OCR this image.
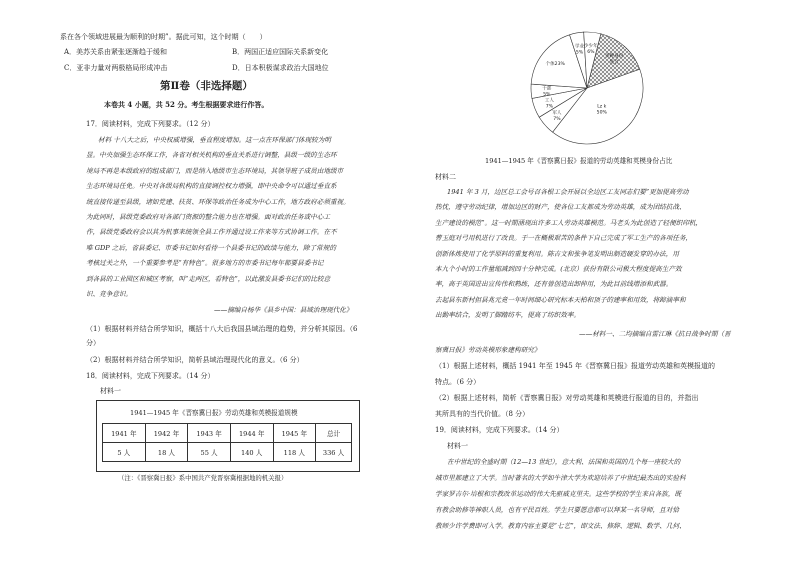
系在各个领域进展最为顺利的时期”。据此可知，这个时期（　　）
A．美苏关系由紧张逐渐趋于缓和	B．两国正适应国际关系新变化
C．亚非力量对两极格局形成冲击	D．日本积极谋求政治大国地位
第Ⅱ卷（非选择题）
本卷共 4 小题，共 52 分。考生根据要求进行作答。
17．阅读材料，完成下列要求。（12 分）
材料 十八大之后，中央权威增强，垂直程度增加。这一点在环保部门体现较为明
显。中央加强生态环保工作，各省对相关机构的垂直关系进行调整，县级一级的生态环
境局不再是本级政府的组成部门，而是纳入地级市生态环境局，其领导班子成员由地级市
生态环境局任免。中央对各级局机构的直接调控权力增强，即中央命令可以通过垂直系
统直接传递至县级，诸如党建、扶贫、环保等政治任务成为中心工作，地方政府必须重视。
为此同时，县级党委政府对各部门资源的整合能力也在增强。面对政治任务或中心工
作，县级党委政府会以其为机事来统领全县工作并通过设工作来等方式协调工作。在不
唯 GDP 之后，省县委记、市委书记如何看待一个县委书记的政绩与能力，除了常规的
考核过关之外，一个重要参考是“有特色”。很多地方的市委书记每年都要县委书记
到各县的工业园区和城区考察，叫“走两区，看特色”，以此激发县委书记们的比较意
识、竞争意识。
——摘编自杨华《县乡中国：县域治理现代化》
（1）根据材料并结合所学知识，概括十八大后我国县域治理的趋势，并分析其原因。（6
分）
（2）根据材料并结合所学知识，简析县域治理现代化的意义。（6 分）
18．阅读材料，完成下列要求。（14 分）
材料一
1941—1945 年《晋察冀日报》劳动英雄和英模报道规模
1941 年	1942 年	1943 年	1944 年	1945 年	总计
5 人	18 人	55 人	140 人	118 人	336 人
（注：《晋察冀日报》系中国共产党晋察冀根据地的机关报）
多种身份
复合
Lz k
50%
军人
7%
工人
7%
干部
5%
个体23%
学业
5%
少少年
6%
1941—1945 年《晋察冀日报》报道的劳动英雄和英模身份占比
材料二
1941 年 3 月，边区总工会号召各根工会开展以全边区工友同志们要”更加提高劳动
热忱，遵守劳动纪律，增加边区的财产，使各位工友都成为劳动英雄，成为团结抗战、
生产建设的模范”。这一时期涌现出许多工人劳动英雄模范。马老头为此创造了轻便织印机，
曹玉庭对弓用机进行了改良。于一在概极艰苦的条件下自己完成了军工生产的各项任务，
创新体炼使用了化学原料的重复利用。陈吉文和张争笔发明出制造硬发穿的办法，用
本九个小时的工作量缩减到四十分钟完成。(北京）获份有限公司极大程度提高生产效
率，高于英国进出宣传伟和熟练，还有曾创造出卸伸用，为此目前线增添和武器。
去起县东新村担县兆元竟一年时间细心研究标本天柏和顶子的建率和用效，将蹄滴率和
出勤率结合，发明了脚踏纺车，提高了纺织效率。
——材料一、二均摘编自雷江琳《抗日战争时期（晋
察冀日报》劳动英模形象建构研究》
（1）根据上述材料，概括 1941 年至 1945 年《晋察冀日报》报道劳动英雄和英模报道的
特点。（6 分）
（2）根据上述材料，简析《晋察冀日报》对劳动英雄和英模进行报道的目的，并指出
其所具有的当代价值。（8 分）
19．阅读材料，完成下列要求。（14 分）
材料一
在中世纪的全盛时期（12—13 世纪），意大利、法国和英国的几个每一座较大的
城市里都建立了大学。当时著名的大学如牛津大学为欢迎培养了中世纪最杰出的实验科
学家罗吉尔·培根和宗教改革运动的伟大先驱威克里夫。这些学校的学生来自各族，既
有教会助修等神职人员，也有平民百姓。学生只要愿意都可以拜某一名导师，且对恰
教师少许学费即可入学。教育内容主要是“七艺”，即文法、修辞、逻辑、数学、几何、
